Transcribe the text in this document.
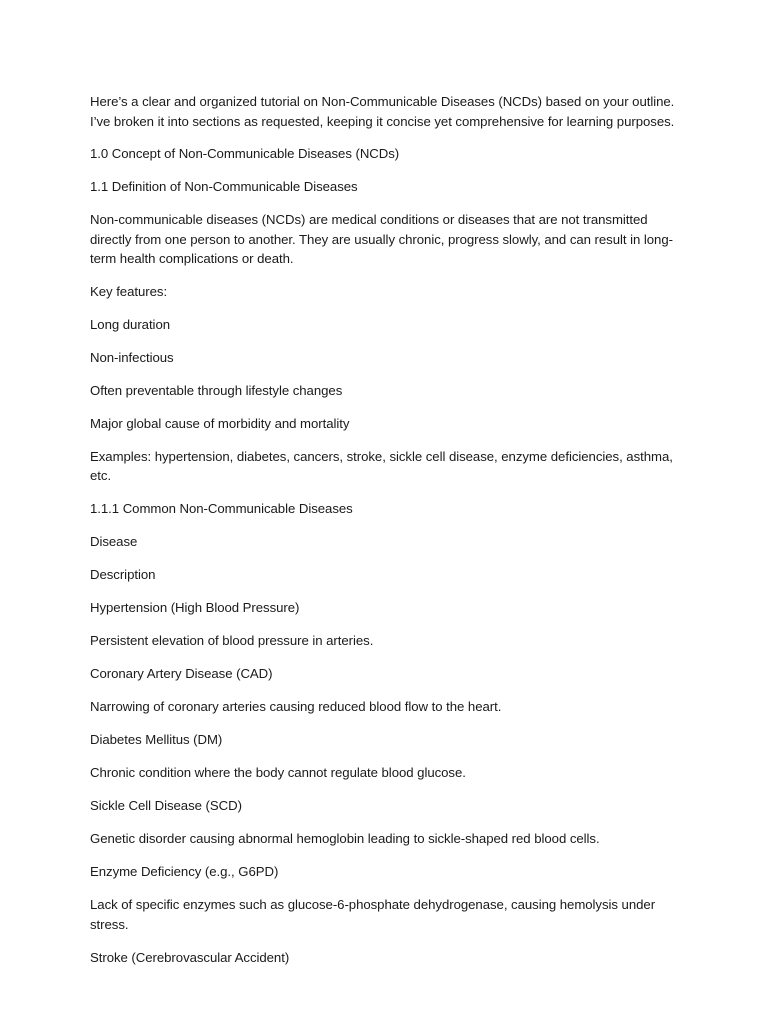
Here’s a clear and organized tutorial on Non-Communicable Diseases (NCDs) based on your outline. I’ve broken it into sections as requested, keeping it concise yet comprehensive for learning purposes.

1.0 Concept of Non-Communicable Diseases (NCDs)

1.1 Definition of Non-Communicable Diseases

Non-communicable diseases (NCDs) are medical conditions or diseases that are not transmitted directly from one person to another. They are usually chronic, progress slowly, and can result in long-term health complications or death.

Key features:

Long duration

Non-infectious

Often preventable through lifestyle changes

Major global cause of morbidity and mortality

Examples: hypertension, diabetes, cancers, stroke, sickle cell disease, enzyme deficiencies, asthma, etc.

1.1.1 Common Non-Communicable Diseases

Disease

Description

Hypertension (High Blood Pressure)

Persistent elevation of blood pressure in arteries.

Coronary Artery Disease (CAD)

Narrowing of coronary arteries causing reduced blood flow to the heart.

Diabetes Mellitus (DM)

Chronic condition where the body cannot regulate blood glucose.

Sickle Cell Disease (SCD)

Genetic disorder causing abnormal hemoglobin leading to sickle-shaped red blood cells.

Enzyme Deficiency (e.g., G6PD)

Lack of specific enzymes such as glucose-6-phosphate dehydrogenase, causing hemolysis under stress.

Stroke (Cerebrovascular Accident)
